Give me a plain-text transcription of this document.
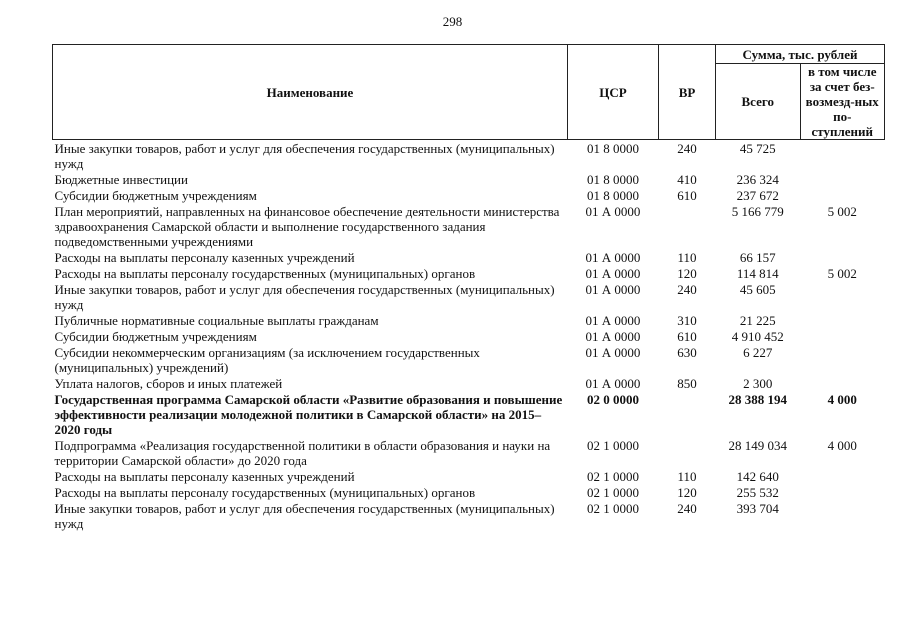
298
Наименование	ЦСР	ВР	Сумма, тыс. рублей	
			Всего	в том числе за счет без-возмезд-ных по-ступлений
Иные закупки товаров, работ и услуг для обеспечения государственных (муниципальных) нужд	01 8 0000	240	45 725	
Бюджетные инвестиции	01 8 0000	410	236 324	
Субсидии бюджетным учреждениям	01 8 0000	610	237 672	
План мероприятий, направленных на финансовое обеспечение деятельности министерства здравоохранения Самарской области и выполнение государственного задания подведомственными учреждениями	01 А 0000		5 166 779	5 002
Расходы на выплаты персоналу казенных учреждений	01 А 0000	110	66 157	
Расходы на выплаты персоналу государственных (муниципальных) органов	01 А 0000	120	114 814	5 002
Иные закупки товаров, работ и услуг для обеспечения государственных (муниципальных) нужд	01 А 0000	240	45 605	
Публичные нормативные социальные выплаты гражданам	01 А 0000	310	21 225	
Субсидии бюджетным учреждениям	01 А 0000	610	4 910 452	
Субсидии некоммерческим организациям (за исключением государственных (муниципальных) учреждений)	01 А 0000	630	6 227	
Уплата налогов, сборов и иных платежей	01 А 0000	850	2 300	
Государственная программа Самарской области «Развитие образования и повышение эффективности реализации молодежной политики в Самарской области» на 2015–2020 годы	02 0 0000		28 388 194	4 000
Подпрограмма «Реализация государственной политики в области образования и науки на территории Самарской области» до 2020 года	02 1 0000		28 149 034	4 000
Расходы на выплаты персоналу казенных учреждений	02 1 0000	110	142 640	
Расходы на выплаты персоналу государственных (муниципальных) органов	02 1 0000	120	255 532	
Иные закупки товаров, работ и услуг для обеспечения государственных (муниципальных) нужд	02 1 0000	240	393 704	
